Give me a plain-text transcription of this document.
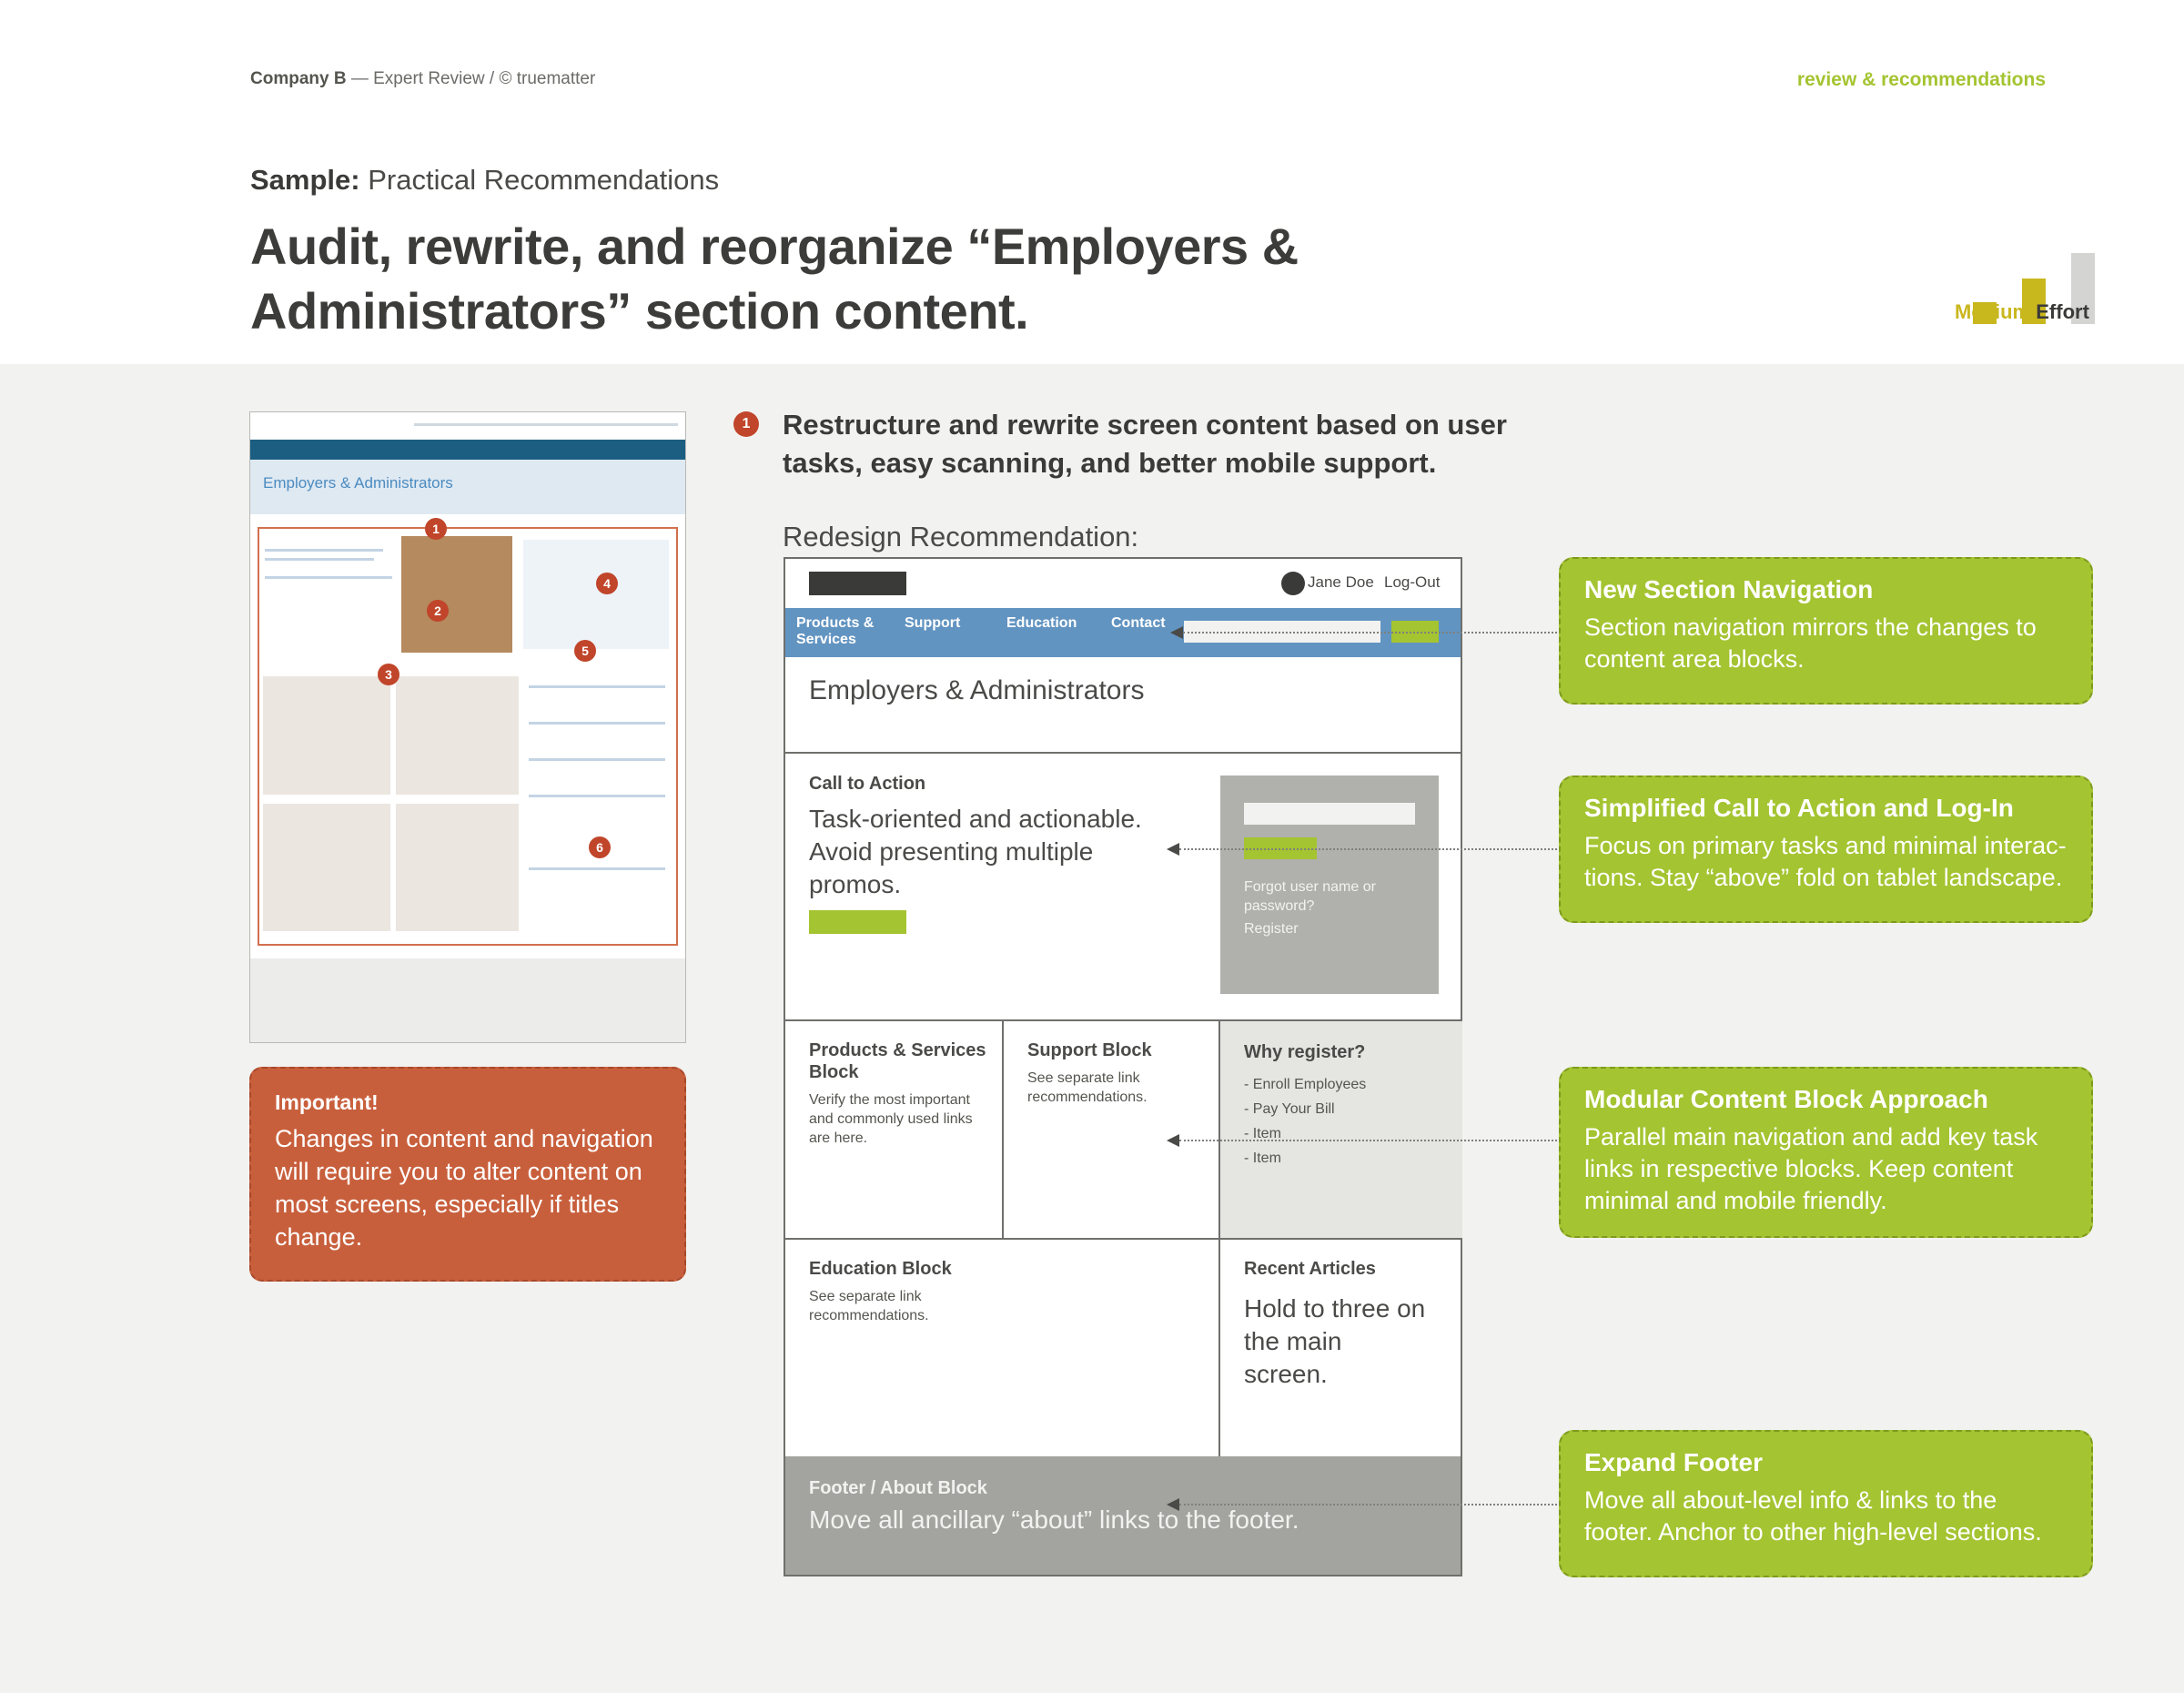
Company B — Expert Review / © truematter	review & recommendations
Sample: Practical Recommendations
Audit, rewrite, and reorganize “Employers & Administrators” section content.	Medium Effort
Employers & Administrators
1
2
3
4
5
6
Important!
Changes in content and navigation will require you to alter content on most screens, especially if titles change.
1	Restructure and rewrite screen content based on user tasks, easy scanning, and better mobile support.
Redesign Recommendation:
Jane Doe Log-Out
Products & Services
Support	Education Contact
Employers & Administrators
Call to Action
Task-oriented and actionable. Avoid presenting multiple promos.	Forgot user name or password?
Register
Why register?
- Enroll Employees
- Pay Your Bill
- Item
- Item
Products & Services Block
Verify the most important and commonly used links are here.
Support Block
See separate link recommendations.
Education Block
See separate link recommendations.
Recent Articles
Hold to three on the main screen.
Footer / About Block
Move all ancillary “about” links to the footer.
New Section Navigation
Section navigation mirrors the changes to content area blocks.
Simplified Call to Action and Log-In
Focus on primary tasks and minimal interac-tions. Stay “above” fold on tablet landscape.
Modular Content Block Approach
Parallel main navigation and add key task links in respective blocks. Keep content minimal and mobile friendly.
Expand Footer
Move all about-level info & links to the footer. Anchor to other high-level sections.
